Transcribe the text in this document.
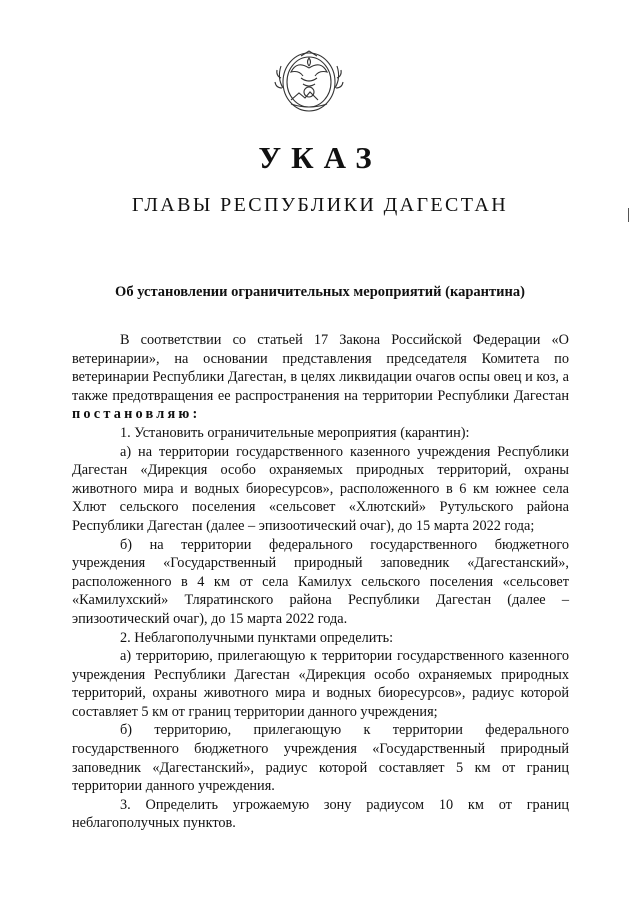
УКАЗ
ГЛАВЫ РЕСПУБЛИКИ ДАГЕСТАН
Об установлении ограничительных мероприятий (карантина)

В соответствии со статьей 17 Закона Российской Федерации «О ветеринарии», на основании представления председателя Комитета по ветеринарии Республики Дагестан, в целях ликвидации очагов оспы овец и коз, а также предотвращения ее распространения на территории Республики Дагестан постановляю:

1. Установить ограничительные мероприятия (карантин):

а) на территории государственного казенного учреждения Республики Дагестан «Дирекция особо охраняемых природных территорий, охраны животного мира и водных биоресурсов», расположенного в 6 км южнее села Хлют сельского поселения «сельсовет «Хлютский» Рутульского района Республики Дагестан (далее – эпизоотический очаг), до 15 марта 2022 года;

б) на территории федерального государственного бюджетного учреждения «Государственный природный заповедник «Дагестанский», расположенного в 4 км от села Камилух сельского поселения «сельсовет «Камилухский» Тляратинского района Республики Дагестан (далее – эпизоотический очаг), до 15 марта 2022 года.

2. Неблагополучными пунктами определить:

а) территорию, прилегающую к территории государственного казенного учреждения Республики Дагестан «Дирекция особо охраняемых природных территорий, охраны животного мира и водных биоресурсов», радиус которой составляет 5 км от границ территории данного учреждения;

б) территорию, прилегающую к территории федерального государственного бюджетного учреждения «Государственный природный заповедник «Дагестанский», радиус которой составляет 5 км от границ территории данного учреждения.

3. Определить угрожаемую зону радиусом 10 км от границ неблагополучных пунктов.
